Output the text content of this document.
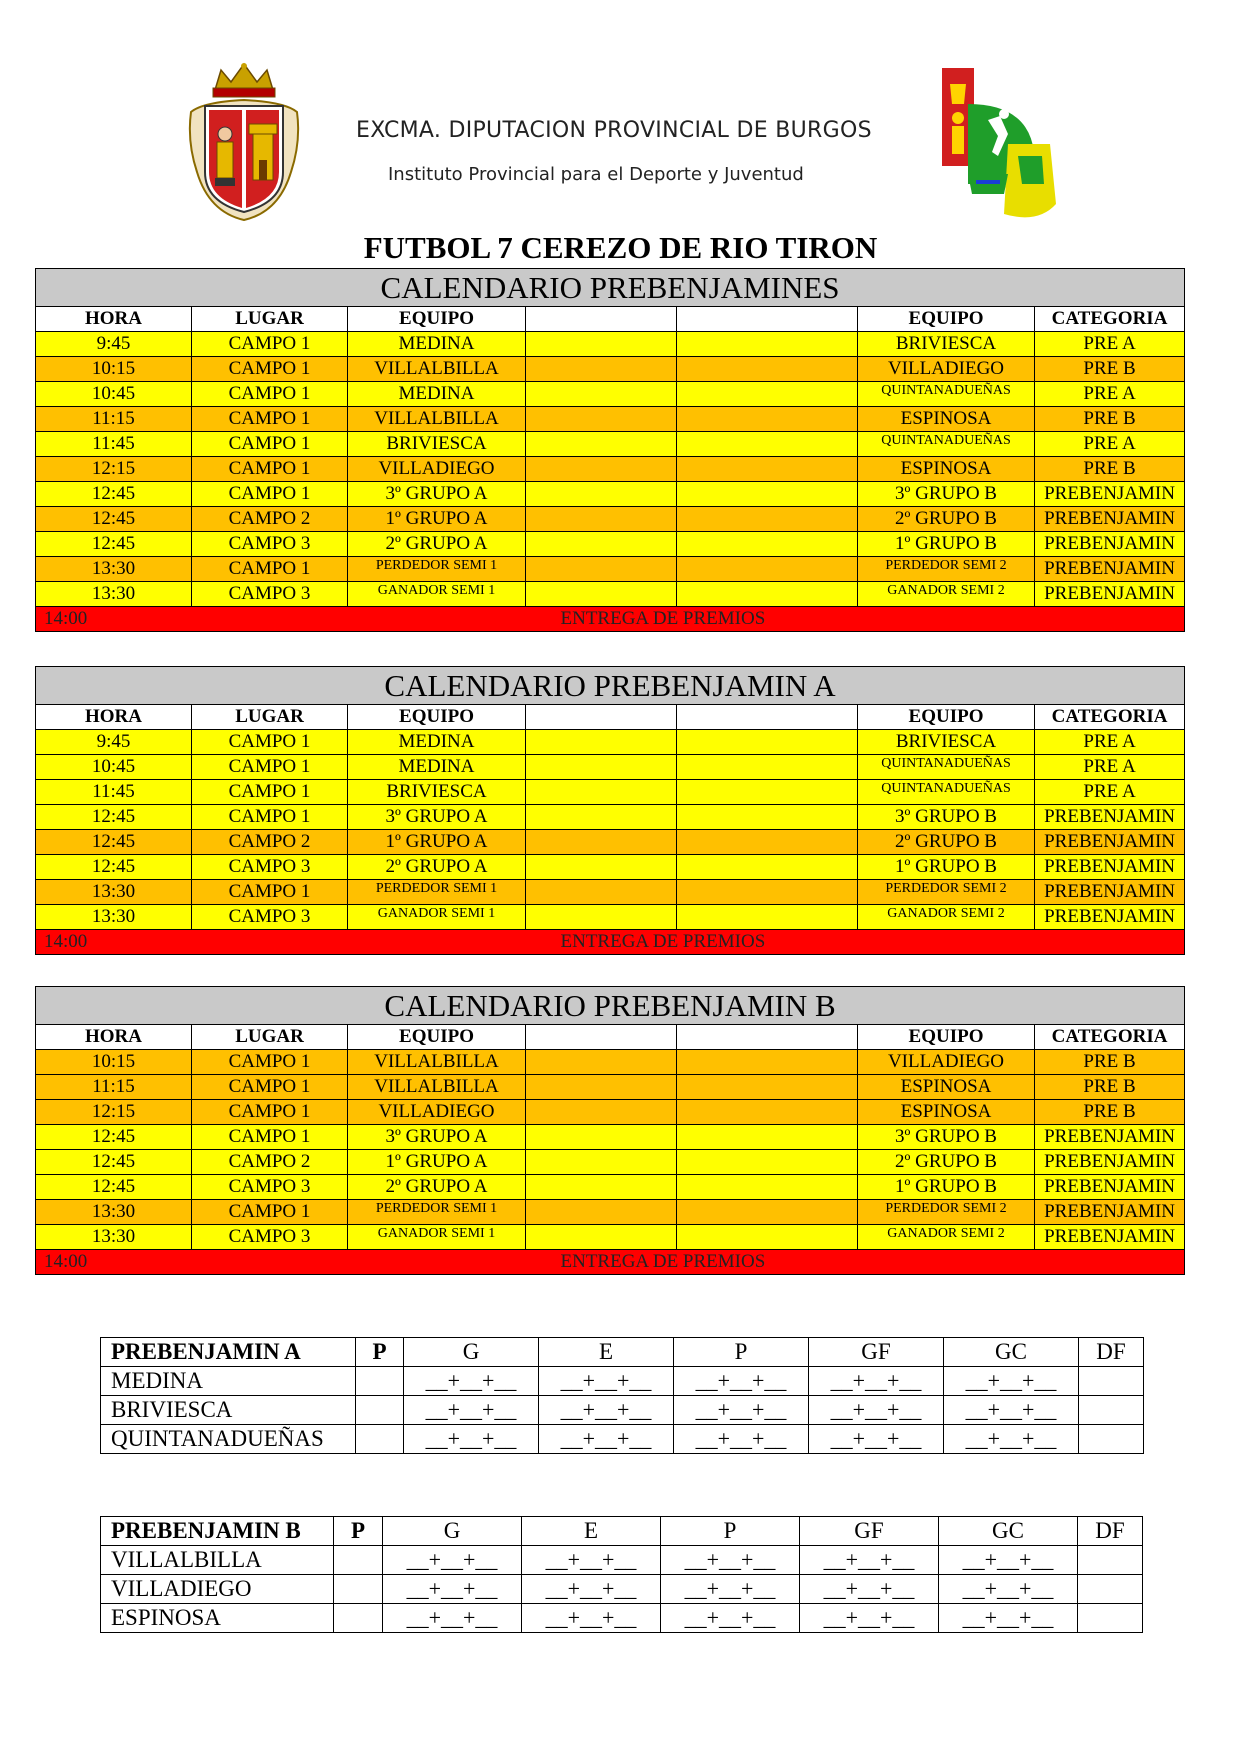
EXCMA. DIPUTACION PROVINCIAL DE BURGOS
Instituto Provincial para el Deporte y Juventud
FUTBOL 7 CEREZO DE RIO TIRON
CALENDARIO PREBENJAMINES						
HORA	LUGAR	EQUIPO			EQUIPO	CATEGORIA
9:45	CAMPO 1	MEDINA			BRIVIESCA	PRE A
10:15	CAMPO 1	VILLALBILLA			VILLADIEGO	PRE B
10:45	CAMPO 1	MEDINA			QUINTANADUEÑAS	PRE A
11:15	CAMPO 1	VILLALBILLA			ESPINOSA	PRE B
11:45	CAMPO 1	BRIVIESCA			QUINTANADUEÑAS	PRE A
12:15	CAMPO 1	VILLADIEGO			ESPINOSA	PRE B
12:45	CAMPO 1	3º GRUPO A			3º GRUPO B	PREBENJAMIN
12:45	CAMPO 2	1º GRUPO A			2º GRUPO B	PREBENJAMIN
12:45	CAMPO 3	2º GRUPO A			1º GRUPO B	PREBENJAMIN
13:30	CAMPO 1	PERDEDOR SEMI 1			PERDEDOR SEMI 2	PREBENJAMIN
13:30	CAMPO 3	GANADOR SEMI 1			GANADOR SEMI 2	PREBENJAMIN
14:00			ENTREGA DE PREMIOS			
CALENDARIO PREBENJAMIN A						
HORA	LUGAR	EQUIPO			EQUIPO	CATEGORIA
9:45	CAMPO 1	MEDINA			BRIVIESCA	PRE A
10:45	CAMPO 1	MEDINA			QUINTANADUEÑAS	PRE A
11:45	CAMPO 1	BRIVIESCA			QUINTANADUEÑAS	PRE A
12:45	CAMPO 1	3º GRUPO A			3º GRUPO B	PREBENJAMIN
12:45	CAMPO 2	1º GRUPO A			2º GRUPO B	PREBENJAMIN
12:45	CAMPO 3	2º GRUPO A			1º GRUPO B	PREBENJAMIN
13:30	CAMPO 1	PERDEDOR SEMI 1			PERDEDOR SEMI 2	PREBENJAMIN
13:30	CAMPO 3	GANADOR SEMI 1			GANADOR SEMI 2	PREBENJAMIN
14:00			ENTREGA DE PREMIOS			
CALENDARIO PREBENJAMIN B						
HORA	LUGAR	EQUIPO			EQUIPO	CATEGORIA
10:15	CAMPO 1	VILLALBILLA			VILLADIEGO	PRE B
11:15	CAMPO 1	VILLALBILLA			ESPINOSA	PRE B
12:15	CAMPO 1	VILLADIEGO			ESPINOSA	PRE B
12:45	CAMPO 1	3º GRUPO A			3º GRUPO B	PREBENJAMIN
12:45	CAMPO 2	1º GRUPO A			2º GRUPO B	PREBENJAMIN
12:45	CAMPO 3	2º GRUPO A			1º GRUPO B	PREBENJAMIN
13:30	CAMPO 1	PERDEDOR SEMI 1			PERDEDOR SEMI 2	PREBENJAMIN
13:30	CAMPO 3	GANADOR SEMI 1			GANADOR SEMI 2	PREBENJAMIN
14:00			ENTREGA DE PREMIOS			
PREBENJAMIN A	P	G	E	P	GF	GC	DF
MEDINA		__+__+__	__+__+__	__+__+__	__+__+__	__+__+__	
BRIVIESCA		__+__+__	__+__+__	__+__+__	__+__+__	__+__+__	
QUINTANADUEÑAS		__+__+__	__+__+__	__+__+__	__+__+__	__+__+__	
PREBENJAMIN B	P	G	E	P	GF	GC	DF
VILLALBILLA		__+__+__	__+__+__	__+__+__	__+__+__	__+__+__	
VILLADIEGO		__+__+__	__+__+__	__+__+__	__+__+__	__+__+__	
ESPINOSA		__+__+__	__+__+__	__+__+__	__+__+__	__+__+__	
